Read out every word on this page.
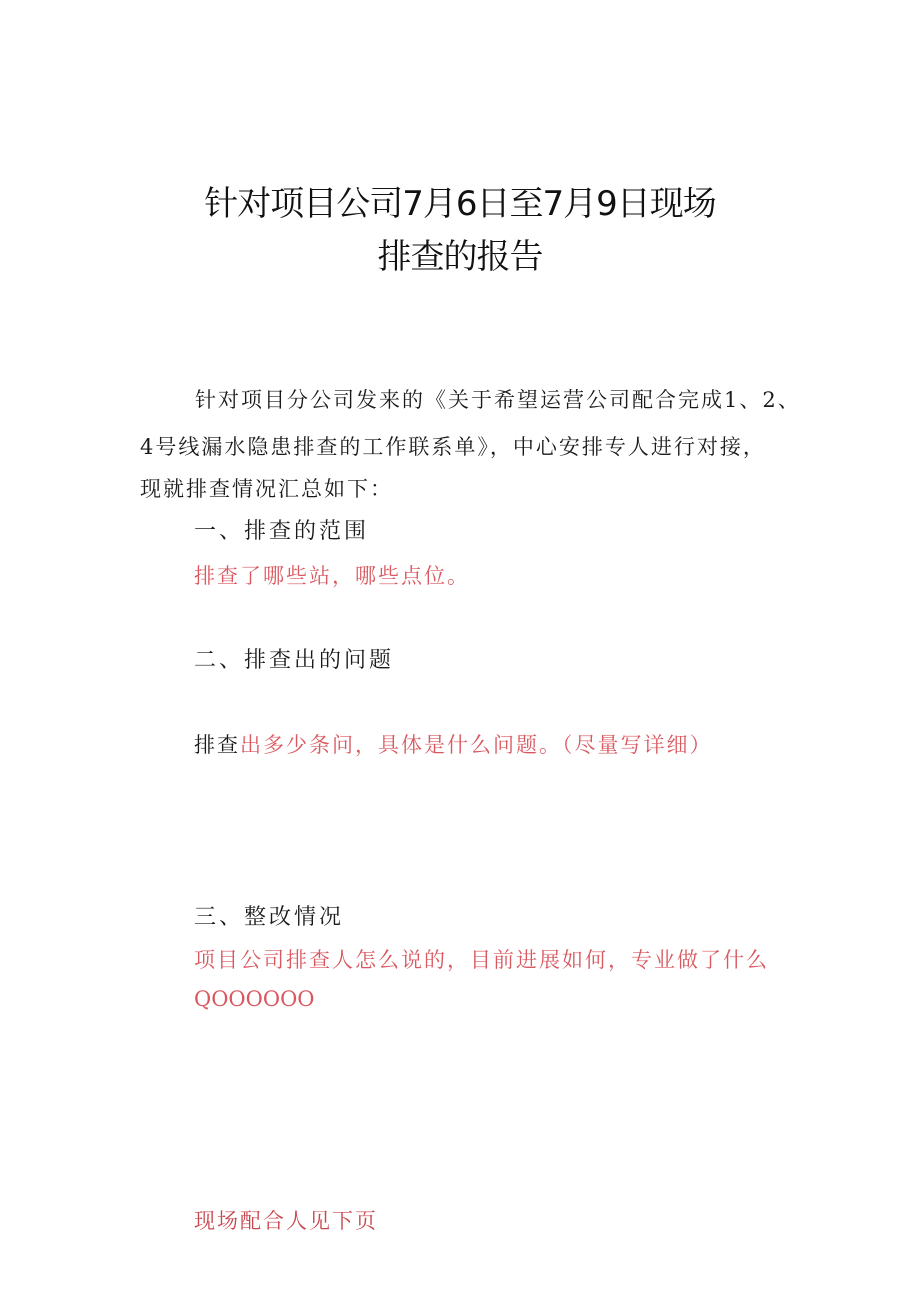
针对项目公司7月6日至7月9日现场
排查的报告
针对项目分公司发来的《关于希望运营公司配合完成1、2、
4号线漏水隐患排查的工作联系单》，中心安排专人进行对接，
现就排查情况汇总如下：
一、排查的范围
排查了哪些站，哪些点位。
二、排查出的问题
排查出多少条问，具体是什么问题。（尽量写详细）
三、整改情况
项目公司排查人怎么说的，目前进展如何，专业做了什么
QOOOOOO
现场配合人见下页
